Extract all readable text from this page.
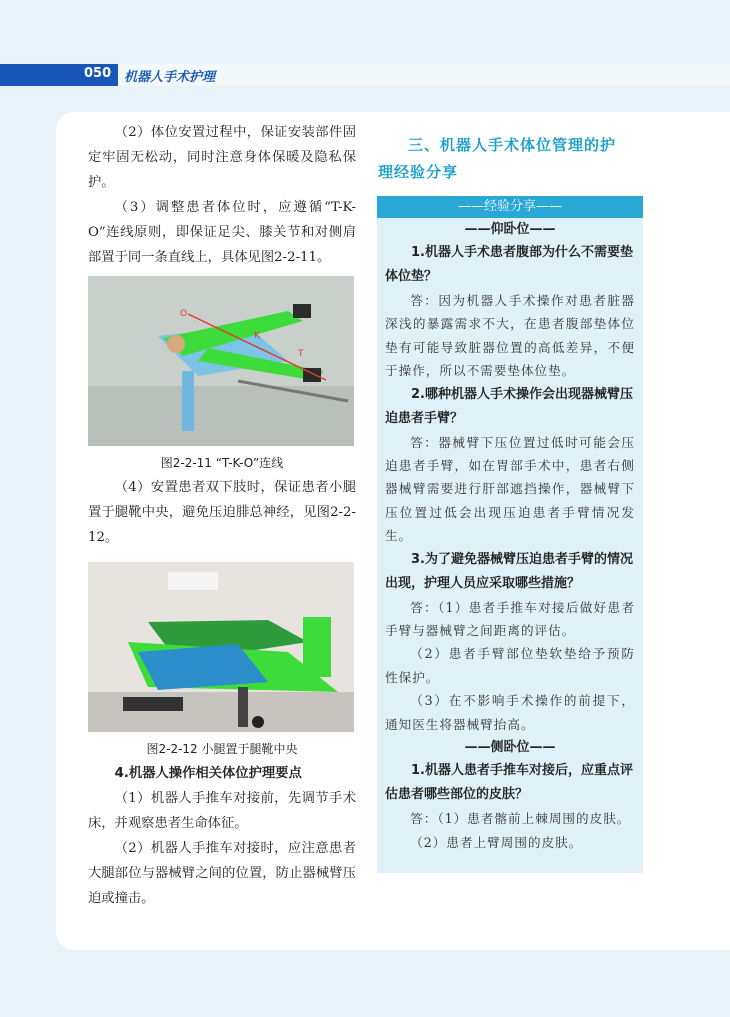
050 机器人手术护理

（2）体位安置过程中，保证安装部件固定牢固无松动，同时注意身体保暖及隐私保护。

（3）调整患者体位时，应遵循“T-K-O”连线原则，即保证足尖、膝关节和对侧肩部置于同一条直线上，具体见图2-2-11。

O
K
T
图2-2-11 “T-K-O”连线

（4）安置患者双下肢时，保证患者小腿置于腿靴中央，避免压迫腓总神经，见图2-2-12。

图2-2-12 小腿置于腿靴中央
4.机器人操作相关体位护理要点

（1）机器人手推车对接前，先调节手术床，并观察患者生命体征。

（2）机器人手推车对接时，应注意患者大腿部位与器械臂之间的位置，防止器械臂压迫或撞击。

三、机器人手术体位管理的护
理经验分享
——经验分享——
——仰卧位——

1.机器人手术患者腹部为什么不需要垫体位垫？

答：因为机器人手术操作对患者脏器深浅的暴露需求不大，在患者腹部垫体位垫有可能导致脏器位置的高低差异，不便于操作，所以不需要垫体位垫。

2.哪种机器人手术操作会出现器械臂压迫患者手臂？

答：器械臂下压位置过低时可能会压迫患者手臂，如在胃部手术中，患者右侧器械臂需要进行肝部遮挡操作，器械臂下压位置过低会出现压迫患者手臂情况发生。

3.为了避免器械臂压迫患者手臂的情况出现，护理人员应采取哪些措施？

答：（1）患者手推车对接后做好患者手臂与器械臂之间距离的评估。

（2）患者手臂部位垫软垫给予预防性保护。

（3）在不影响手术操作的前提下，通知医生将器械臂抬高。

——侧卧位——

1.机器人患者手推车对接后，应重点评估患者哪些部位的皮肤？

答：（1）患者髂前上棘周围的皮肤。

（2）患者上臂周围的皮肤。
